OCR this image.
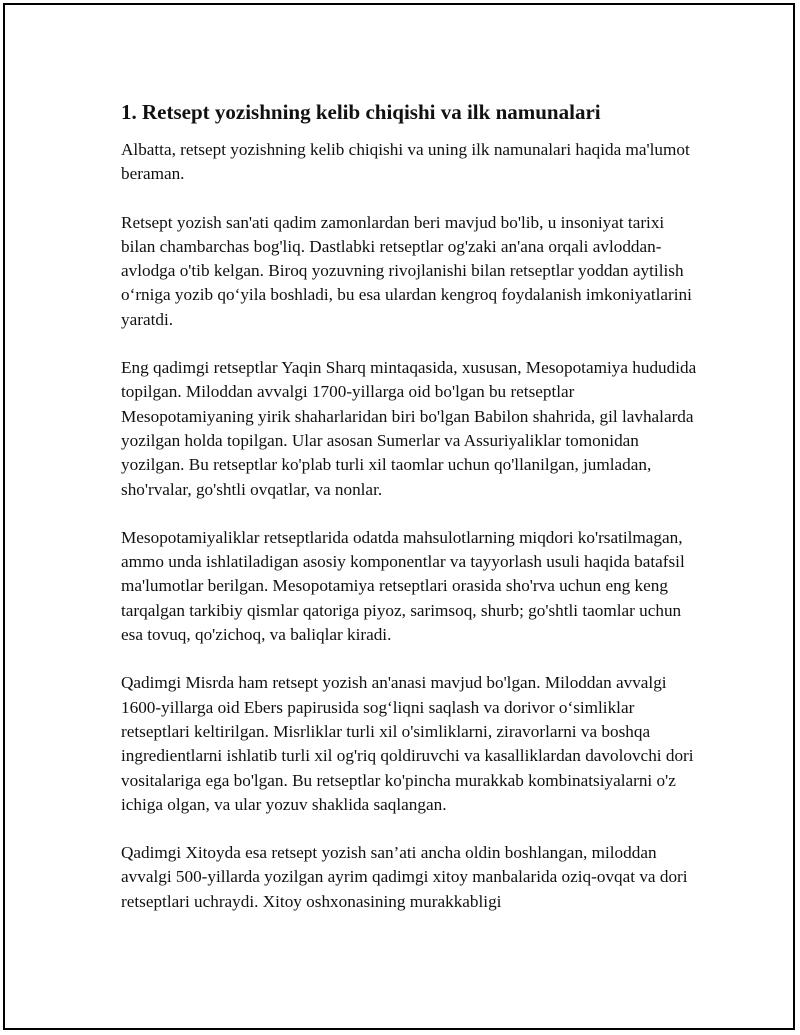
1. Retsept yozishning kelib chiqishi va ilk namunalari

Albatta, retsept yozishning kelib chiqishi va uning ilk namunalari haqida ma'lumot beraman.

Retsept yozish san'ati qadim zamonlardan beri mavjud bo'lib, u insoniyat tarixi bilan chambarchas bog'liq. Dastlabki retseptlar og'zaki an'ana orqali avloddan-avlodga o'tib kelgan. Biroq yozuvning rivojlanishi bilan retseptlar yoddan aytilish oʻrniga yozib qoʻyila boshladi, bu esa ulardan kengroq foydalanish imkoniyatlarini yaratdi.

Eng qadimgi retseptlar Yaqin Sharq mintaqasida, xususan, Mesopotamiya hududida topilgan. Miloddan avvalgi 1700-yillarga oid bo'lgan bu retseptlar Mesopotamiyaning yirik shaharlaridan biri bo'lgan Babilon shahrida, gil lavhalarda yozilgan holda topilgan. Ular asosan Sumerlar va Assuriyaliklar tomonidan yozilgan. Bu retseptlar ko'plab turli xil taomlar uchun qo'llanilgan, jumladan, sho'rvalar, go'shtli ovqatlar, va nonlar.

Mesopotamiyaliklar retseptlarida odatda mahsulotlarning miqdori ko'rsatilmagan, ammo unda ishlatiladigan asosiy komponentlar va tayyorlash usuli haqida batafsil ma'lumotlar berilgan. Mesopotamiya retseptlari orasida sho'rva uchun eng keng tarqalgan tarkibiy qismlar qatoriga piyoz, sarimsoq, shurb; go'shtli taomlar uchun esa tovuq, qo'zichoq, va baliqlar kiradi.

Qadimgi Misrda ham retsept yozish an'anasi mavjud bo'lgan. Miloddan avvalgi 1600-yillarga oid Ebers papirusida sogʻliqni saqlash va dorivor oʻsimliklar retseptlari keltirilgan. Misrliklar turli xil o'simliklarni, ziravorlarni va boshqa ingredientlarni ishlatib turli xil og'riq qoldiruvchi va kasalliklardan davolovchi dori vositalariga ega bo'lgan. Bu retseptlar ko'pincha murakkab kombinatsiyalarni o'z ichiga olgan, va ular yozuv shaklida saqlangan.

Qadimgi Xitoyda esa retsept yozish san’ati ancha oldin boshlangan, miloddan avvalgi 500-yillarda yozilgan ayrim qadimgi xitoy manbalarida oziq-ovqat va dori retseptlari uchraydi. Xitoy oshxonasining murakkabligi
